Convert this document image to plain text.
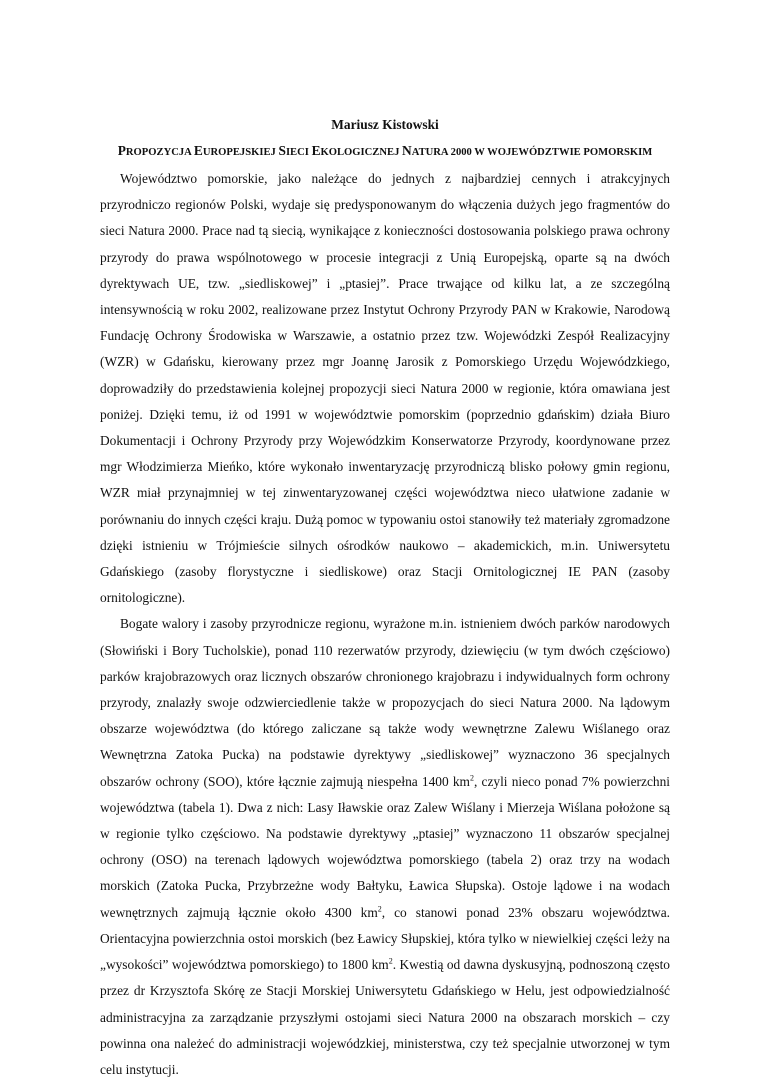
Mariusz Kistowski
PROPOZYCJA EUROPEJSKIEJ SIECI EKOLOGICZNEJ NATURA 2000 W WOJEWÓDZTWIE POMORSKIM

Województwo pomorskie, jako należące do jednych z najbardziej cennych i atrakcyjnych przyrodniczo regionów Polski, wydaje się predysponowanym do włączenia dużych jego fragmentów do sieci Natura 2000. Prace nad tą siecią, wynikające z konieczności dostosowania polskiego prawa ochrony przyrody do prawa wspólnotowego w procesie integracji z Unią Europejską, oparte są na dwóch dyrektywach UE, tzw. „siedliskowej” i „ptasiej”. Prace trwające od kilku lat, a ze szczególną intensywnością w roku 2002, realizowane przez Instytut Ochrony Przyrody PAN w Krakowie, Narodową Fundację Ochrony Środowiska w Warszawie, a ostatnio przez tzw. Wojewódzki Zespół Realizacyjny (WZR) w Gdańsku, kierowany przez mgr Joannę Jarosik z Pomorskiego Urzędu Wojewódzkiego, doprowadziły do przedstawienia kolejnej propozycji sieci Natura 2000 w regionie, która omawiana jest poniżej. Dzięki temu, iż od 1991 w województwie pomorskim (poprzednio gdańskim) działa Biuro Dokumentacji i Ochrony Przyrody przy Wojewódzkim Konserwatorze Przyrody, koordynowane przez mgr Włodzimierza Mieńko, które wykonało inwentaryzację przyrodniczą blisko połowy gmin regionu, WZR miał przynajmniej w tej zinwentaryzowanej części województwa nieco ułatwione zadanie w porównaniu do innych części kraju. Dużą pomoc w typowaniu ostoi stanowiły też materiały zgromadzone dzięki istnieniu w Trójmieście silnych ośrodków naukowo – akademickich, m.in. Uniwersytetu Gdańskiego (zasoby florystyczne i siedliskowe) oraz Stacji Ornitologicznej IE PAN (zasoby ornitologiczne).

Bogate walory i zasoby przyrodnicze regionu, wyrażone m.in. istnieniem dwóch parków narodowych (Słowiński i Bory Tucholskie), ponad 110 rezerwatów przyrody, dziewięciu (w tym dwóch częściowo) parków krajobrazowych oraz licznych obszarów chronionego krajobrazu i indywidualnych form ochrony przyrody, znalazły swoje odzwierciedlenie także w propozycjach do sieci Natura 2000. Na lądowym obszarze województwa (do którego zaliczane są także wody wewnętrzne Zalewu Wiślanego oraz Wewnętrzna Zatoka Pucka) na podstawie dyrektywy „siedliskowej” wyznaczono 36 specjalnych obszarów ochrony (SOO), które łącznie zajmują niespełna 1400 $km^2$, czyli nieco ponad 7% powierzchni województwa (tabela 1). Dwa z nich: Lasy Iławskie oraz Zalew Wiślany i Mierzeja Wiślana położone są w regionie tylko częściowo. Na podstawie dyrektywy „ptasiej” wyznaczono 11 obszarów specjalnej ochrony (OSO) na terenach lądowych województwa pomorskiego (tabela 2) oraz trzy na wodach morskich (Zatoka Pucka, Przybrzeżne wody Bałtyku, Ławica Słupska). Ostoje lądowe i na wodach wewnętrznych zajmują łącznie około 4300 $km^2$, co stanowi ponad 23% obszaru województwa. Orientacyjna powierzchnia ostoi morskich (bez Ławicy Słupskiej, która tylko w niewielkiej części leży na „wysokości” województwa pomorskiego) to 1800 $km^2$. Kwestią od dawna dyskusyjną, podnoszoną często przez dr Krzysztofa Skórę ze Stacji Morskiej Uniwersytetu Gdańskiego w Helu, jest odpowiedzialność administracyjna za zarządzanie przyszłymi ostojami sieci Natura 2000 na obszarach morskich – czy powinna ona należeć do administracji wojewódzkiej, ministerstwa, czy też specjalnie utworzonej w tym celu instytucji.
